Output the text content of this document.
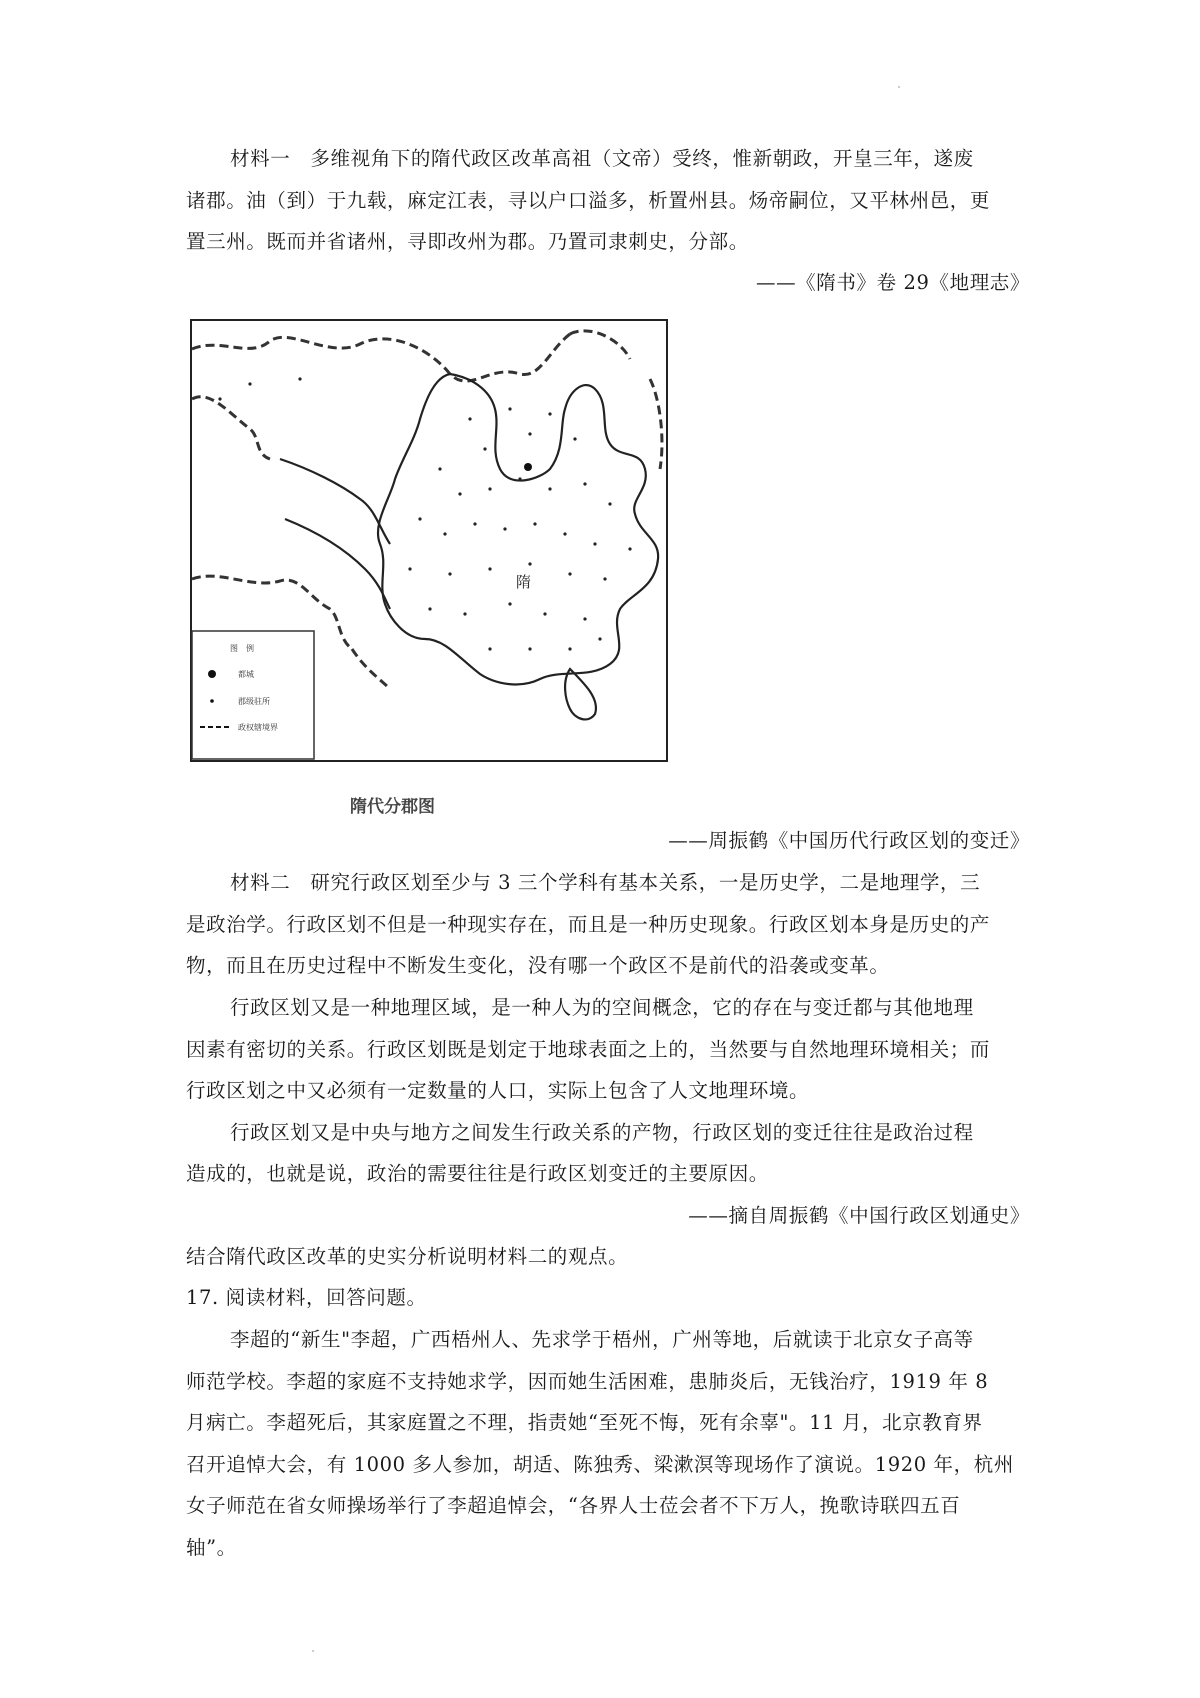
材料一　多维视角下的隋代政区改革高祖（文帝）受终，惟新朝政，开皇三年，遂废
诸郡。油（到）于九载，麻定江表，寻以户口溢多，析置州县。炀帝嗣位，又平林州邑，更
置三州。既而并省诸州，寻即改州为郡。乃置司隶刺史，分部。
——《隋书》卷 29《地理志》
隋
图　例
都城
郡级驻所
政权辖境界
隋代分郡图
——周振鹤《中国历代行政区划的变迁》
材料二　研究行政区划至少与 3 三个学科有基本关系，一是历史学，二是地理学，三
是政治学。行政区划不但是一种现实存在，而且是一种历史现象。行政区划本身是历史的产
物，而且在历史过程中不断发生变化，没有哪一个政区不是前代的沿袭或变革。
行政区划又是一种地理区域，是一种人为的空间概念，它的存在与变迁都与其他地理
因素有密切的关系。行政区划既是划定于地球表面之上的，当然要与自然地理环境相关；而
行政区划之中又必须有一定数量的人口，实际上包含了人文地理环境。
行政区划又是中央与地方之间发生行政关系的产物，行政区划的变迁往往是政治过程
造成的，也就是说，政治的需要往往是行政区划变迁的主要原因。
——摘自周振鹤《中国行政区划通史》
结合隋代政区改革的史实分析说明材料二的观点。
17. 阅读材料，回答问题。
李超的“新生"李超，广西梧州人、先求学于梧州，广州等地，后就读于北京女子高等
师范学校。李超的家庭不支持她求学，因而她生活困难，患肺炎后，无钱治疗，1919 年 8
月病亡。李超死后，其家庭置之不理，指责她“至死不悔，死有余辜"。11 月，北京教育界
召开追悼大会，有 1000 多人参加，胡适、陈独秀、梁漱溟等现场作了演说。1920 年，杭州
女子师范在省女师操场举行了李超追悼会，“各界人士莅会者不下万人，挽歌诗联四五百
轴”。
